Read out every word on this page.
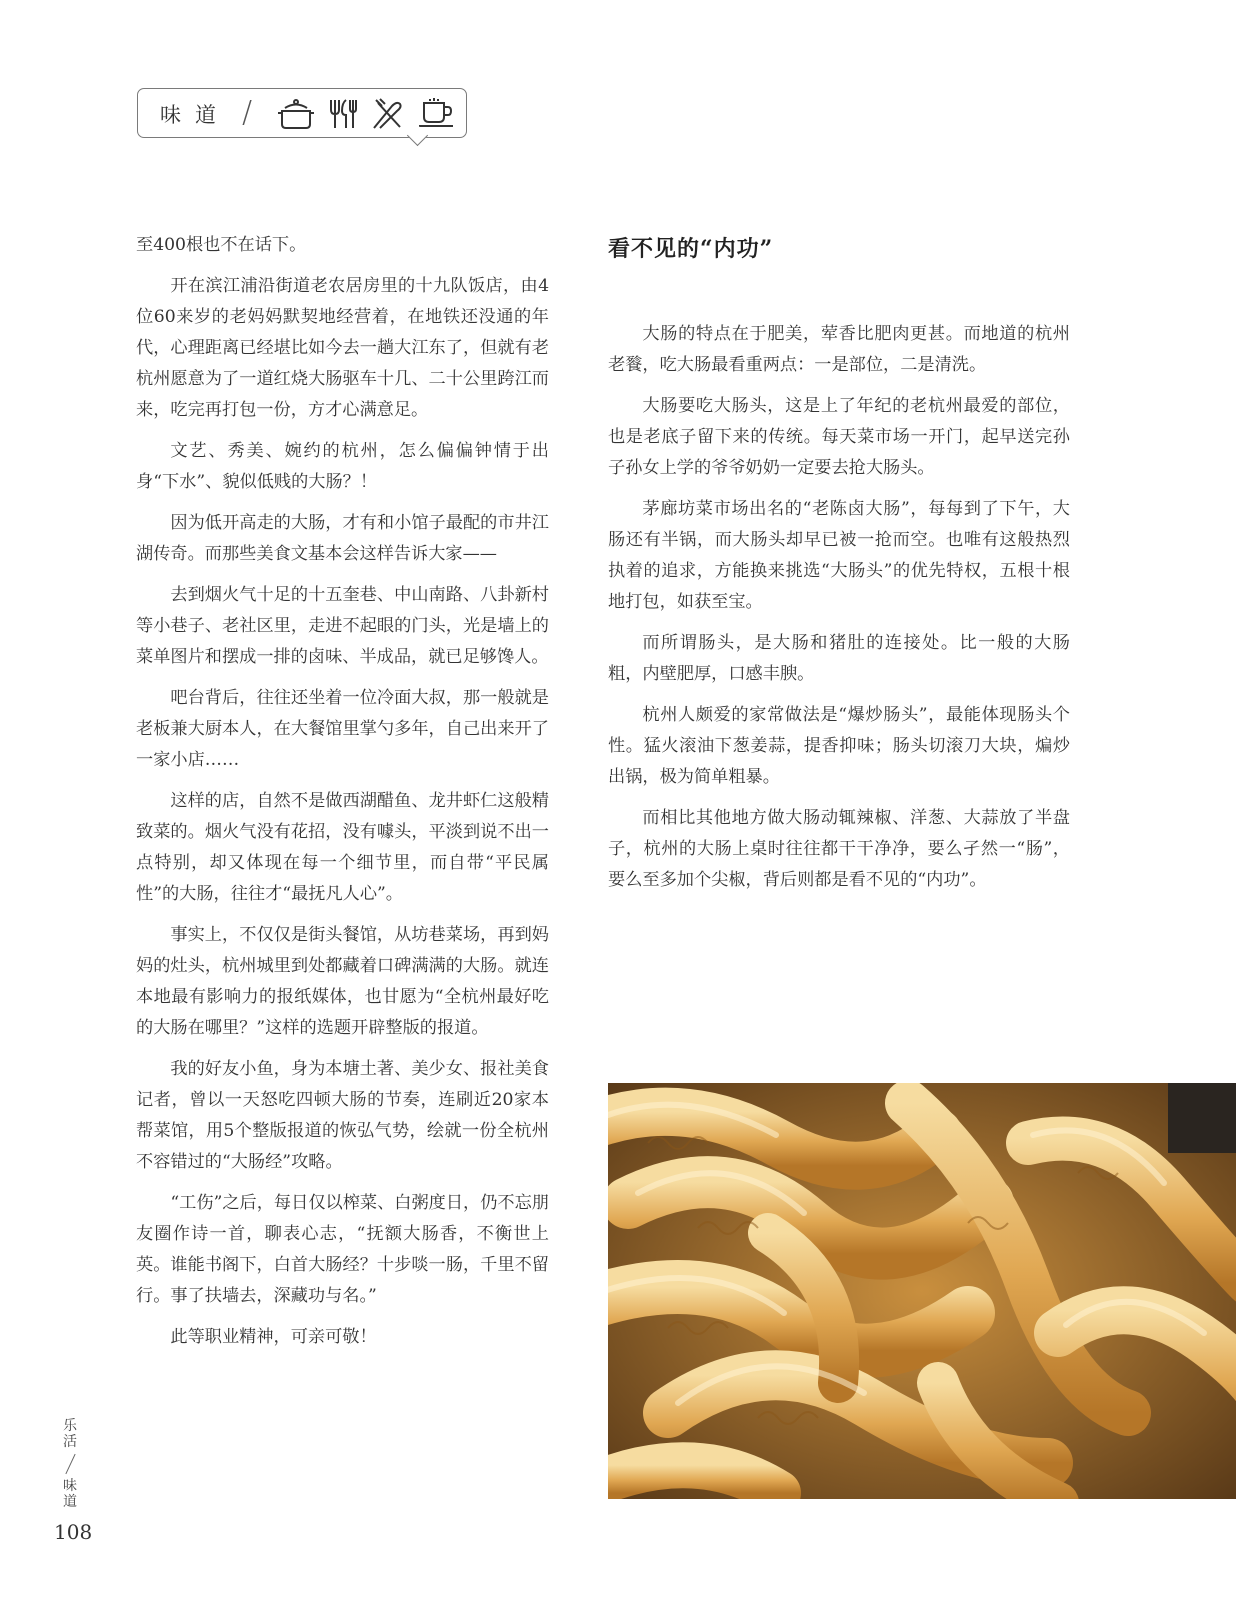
味道 /

至400根也不在话下。

开在滨江浦沿街道老农居房里的十九队饭店，由4位60来岁的老妈妈默契地经营着，在地铁还没通的年代，心理距离已经堪比如今去一趟大江东了，但就有老杭州愿意为了一道红烧大肠驱车十几、二十公里跨江而来，吃完再打包一份，方才心满意足。

文艺、秀美、婉约的杭州，怎么偏偏钟情于出身“下水”、貌似低贱的大肠？！

因为低开高走的大肠，才有和小馆子最配的市井江湖传奇。而那些美食文基本会这样告诉大家——

去到烟火气十足的十五奎巷、中山南路、八卦新村等小巷子、老社区里，走进不起眼的门头，光是墙上的菜单图片和摆成一排的卤味、半成品，就已足够馋人。

吧台背后，往往还坐着一位冷面大叔，那一般就是老板兼大厨本人，在大餐馆里掌勺多年，自己出来开了一家小店……

这样的店，自然不是做西湖醋鱼、龙井虾仁这般精致菜的。烟火气没有花招，没有噱头，平淡到说不出一点特别，却又体现在每一个细节里，而自带“平民属性”的大肠，往往才“最抚凡人心”。

事实上，不仅仅是街头餐馆，从坊巷菜场，再到妈妈的灶头，杭州城里到处都藏着口碑满满的大肠。就连本地最有影响力的报纸媒体，也甘愿为“全杭州最好吃的大肠在哪里？”这样的选题开辟整版的报道。

我的好友小鱼，身为本塘土著、美少女、报社美食记者，曾以一天怒吃四顿大肠的节奏，连刷近20家本帮菜馆，用5个整版报道的恢弘气势，绘就一份全杭州不容错过的“大肠经”攻略。

“工伤”之后，每日仅以榨菜、白粥度日，仍不忘朋友圈作诗一首，聊表心志，“抚额大肠香，不衡世上英。谁能书阁下，白首大肠经？十步啖一肠，千里不留行。事了扶墙去，深藏功与名。”

此等职业精神，可亲可敬！

看不见的“内功”

大肠的特点在于肥美，荤香比肥肉更甚。而地道的杭州老餮，吃大肠最看重两点：一是部位，二是清洗。

大肠要吃大肠头，这是上了年纪的老杭州最爱的部位，也是老底子留下来的传统。每天菜市场一开门，起早送完孙子孙女上学的爷爷奶奶一定要去抢大肠头。

茅廊坊菜市场出名的“老陈卤大肠”，每每到了下午，大肠还有半锅，而大肠头却早已被一抢而空。也唯有这般热烈执着的追求，方能换来挑选“大肠头”的优先特权，五根十根地打包，如获至宝。

而所谓肠头，是大肠和猪肚的连接处。比一般的大肠粗，内壁肥厚，口感丰腴。

杭州人颇爱的家常做法是“爆炒肠头”，最能体现肠头个性。猛火滚油下葱姜蒜，提香抑味；肠头切滚刀大块，煸炒出锅，极为简单粗暴。

而相比其他地方做大肠动辄辣椒、洋葱、大蒜放了半盘子，杭州的大肠上桌时往往都干干净净，要么孑然一“肠”，要么至多加个尖椒，背后则都是看不见的“内功”。

乐活
味道
108
